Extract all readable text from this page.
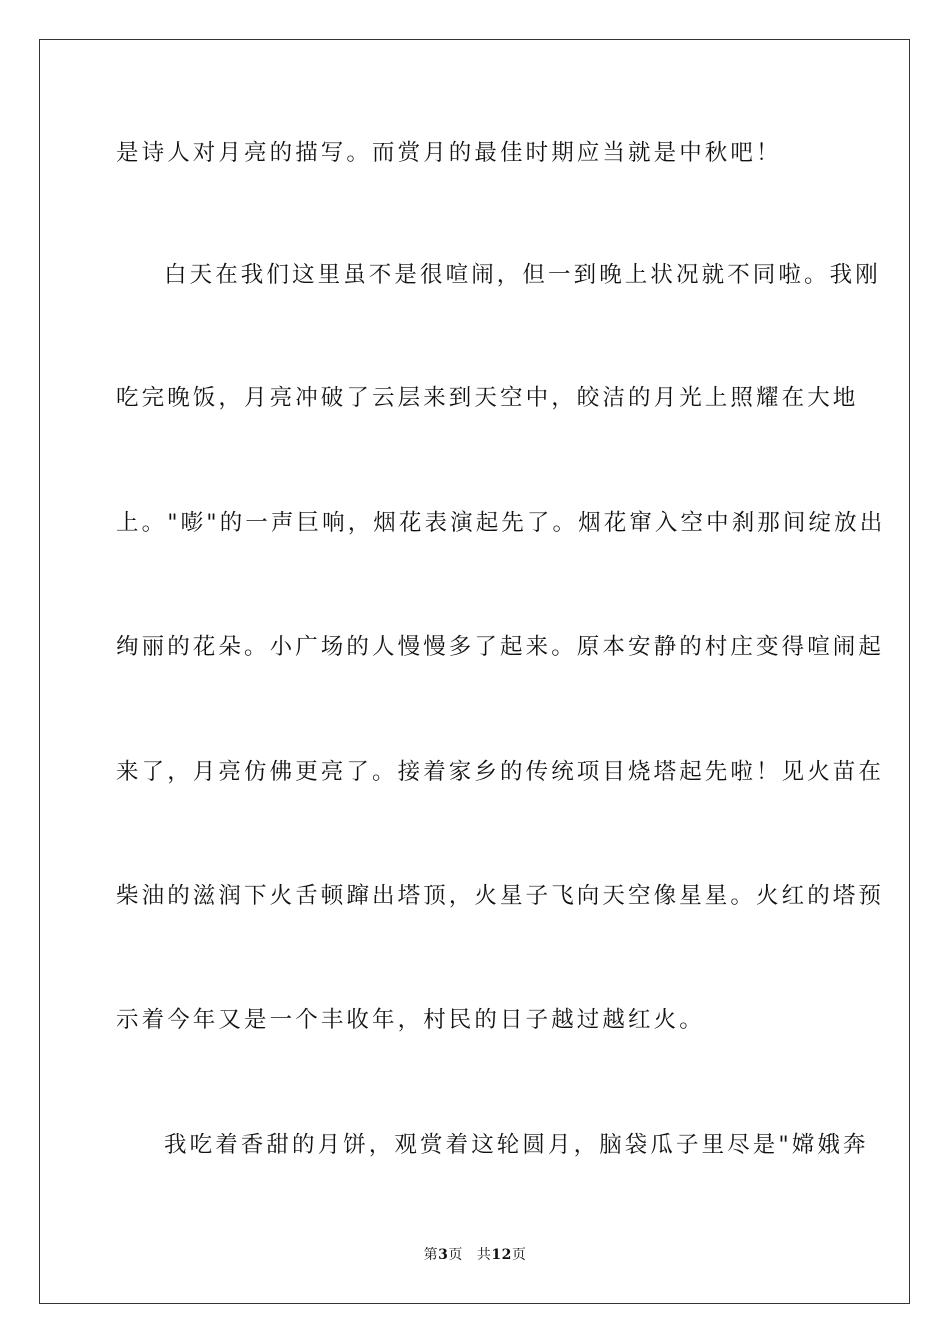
是诗人对月亮的描写。而赏月的最佳时期应当就是中秋吧！
白天在我们这里虽不是很喧闹，但一到晚上状况就不同啦。我刚
吃完晚饭，月亮冲破了云层来到天空中，皎洁的月光上照耀在大地
上。"嘭"的一声巨响，烟花表演起先了。烟花窜入空中刹那间绽放出
绚丽的花朵。小广场的人慢慢多了起来。原本安静的村庄变得喧闹起
来了，月亮仿佛更亮了。接着家乡的传统项目烧塔起先啦！见火苗在
柴油的滋润下火舌顿蹿出塔顶，火星子飞向天空像星星。火红的塔预
示着今年又是一个丰收年，村民的日子越过越红火。
我吃着香甜的月饼，观赏着这轮圆月，脑袋瓜子里尽是"嫦娥奔
第3页 共12页
